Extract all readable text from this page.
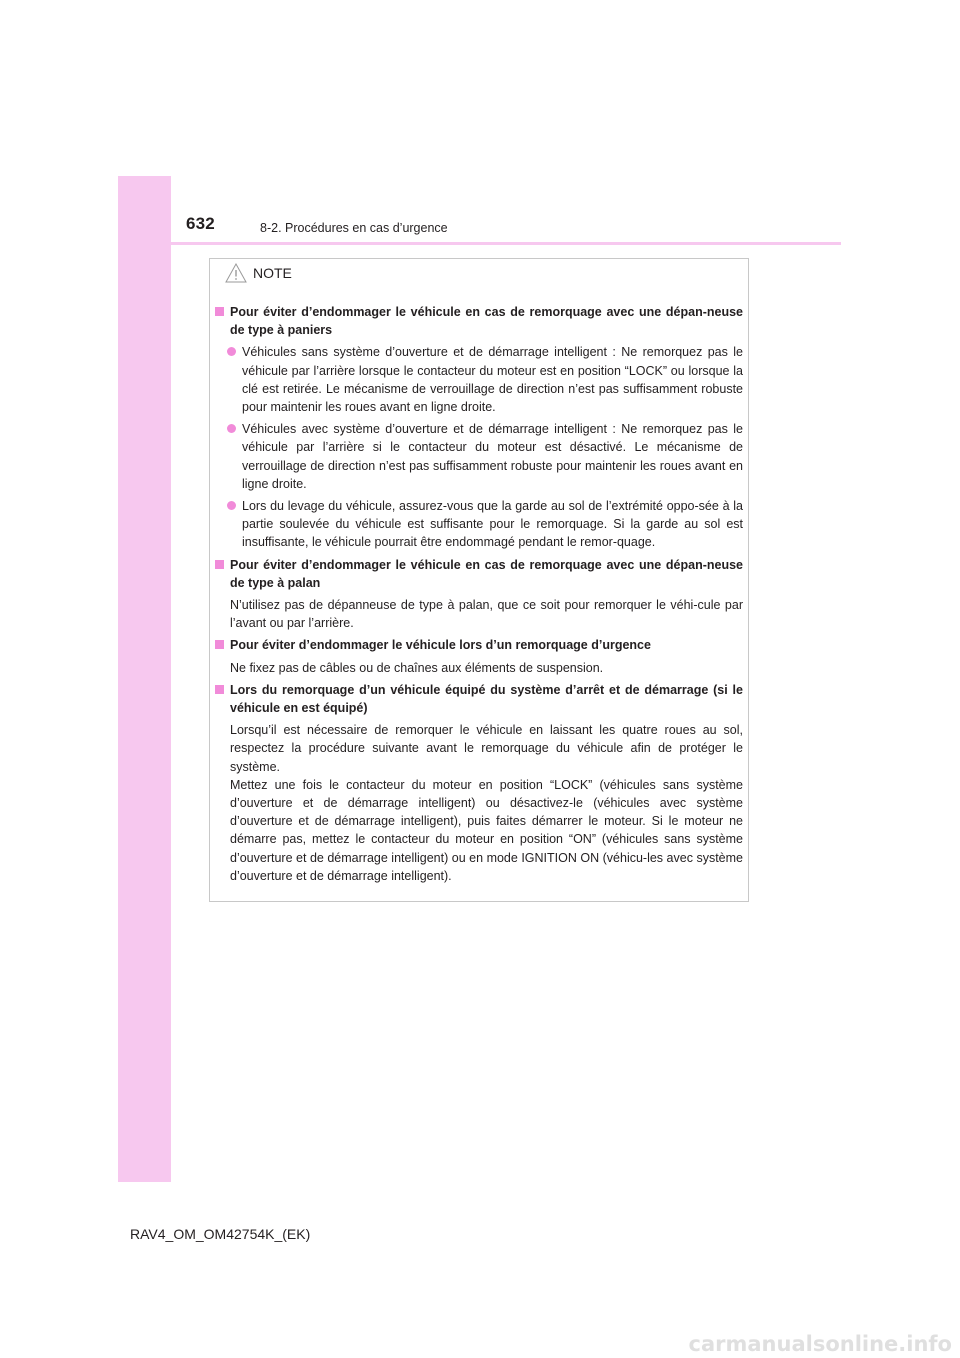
632	8-2. Procédures en cas d’urgence
NOTE
Pour éviter d’endommager le véhicule en cas de remorquage avec une dépan-neuse de type à paniers
Véhicules sans système d’ouverture et de démarrage intelligent : Ne remorquez pas le véhicule par l’arrière lorsque le contacteur du moteur est en position “LOCK” ou lorsque la clé est retirée. Le mécanisme de verrouillage de direction n’est pas suffisamment robuste pour maintenir les roues avant en ligne droite.
Véhicules avec système d’ouverture et de démarrage intelligent : Ne remorquez pas le véhicule par l’arrière si le contacteur du moteur est désactivé. Le mécanisme de verrouillage de direction n’est pas suffisamment robuste pour maintenir les roues avant en ligne droite.
Lors du levage du véhicule, assurez-vous que la garde au sol de l’extrémité oppo-sée à la partie soulevée du véhicule est suffisante pour le remorquage. Si la garde au sol est insuffisante, le véhicule pourrait être endommagé pendant le remor-quage.
Pour éviter d’endommager le véhicule en cas de remorquage avec une dépan-neuse de type à palan
N’utilisez pas de dépanneuse de type à palan, que ce soit pour remorquer le véhi-cule par l’avant ou par l’arrière.
Pour éviter d’endommager le véhicule lors d’un remorquage d’urgence
Ne fixez pas de câbles ou de chaînes aux éléments de suspension.
Lors du remorquage d’un véhicule équipé du système d’arrêt et de démarrage (si le véhicule en est équipé)
Lorsqu’il est nécessaire de remorquer le véhicule en laissant les quatre roues au sol, respectez la procédure suivante avant le remorquage du véhicule afin de protéger le système.
Mettez une fois le contacteur du moteur en position “LOCK” (véhicules sans système d’ouverture et de démarrage intelligent) ou désactivez-le (véhicules avec système d’ouverture et de démarrage intelligent), puis faites démarrer le moteur. Si le moteur ne démarre pas, mettez le contacteur du moteur en position “ON” (véhicules sans système d’ouverture et de démarrage intelligent) ou en mode IGNITION ON (véhicu-les avec système d’ouverture et de démarrage intelligent).
RAV4_OM_OM42754K_(EK)
carmanualsonline.info
